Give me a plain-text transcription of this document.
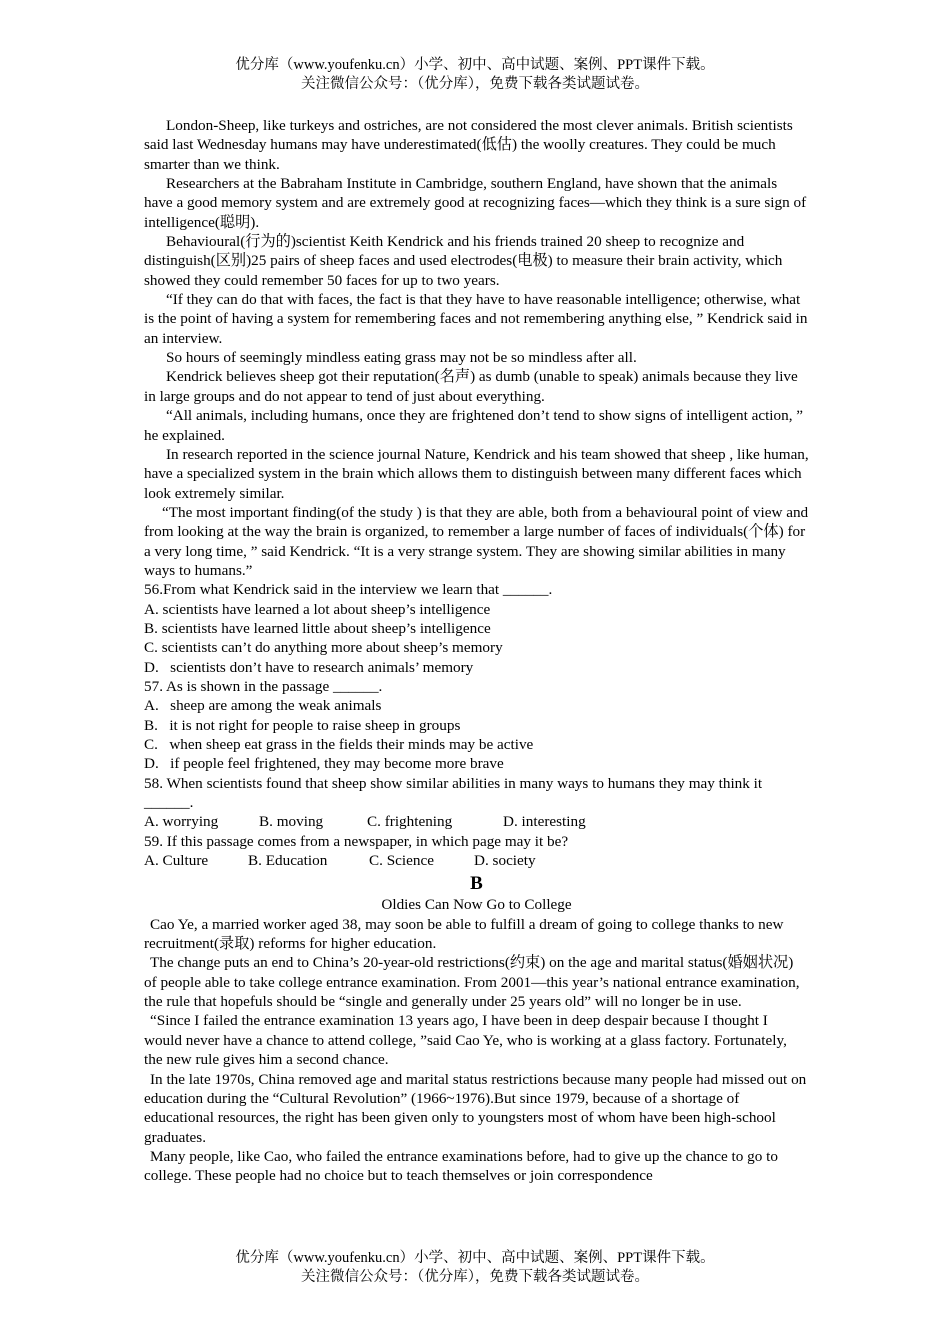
优分库（www.youfenku.cn）小学、初中、高中试题、案例、PPT课件下载。
关注微信公众号：（优分库），免费下载各类试题试卷。

London-Sheep, like turkeys and ostriches, are not considered the most clever animals. British scientists said last Wednesday humans may have underestimated(低估) the woolly creatures. They could be much smarter than we think.

Researchers at the Babraham Institute in Cambridge, southern England, have shown that the animals have a good memory system and are extremely good at recognizing faces—which they think is a sure sign of intelligence(聪明).

Behavioural(行为的)scientist Keith Kendrick and his friends trained 20 sheep to recognize and distinguish(区别)25 pairs of sheep faces and used electrodes(电极) to measure their brain activity, which showed they could remember 50 faces for up to two years.

“If they can do that with faces, the fact is that they have to have reasonable intelligence; otherwise, what is the point of having a system for remembering faces and not remembering anything else, ” Kendrick said in an interview.

So hours of seemingly mindless eating grass may not be so mindless after all.

Kendrick believes sheep got their reputation(名声) as dumb (unable to speak) animals because they live in large groups and do not appear to tend of just about everything.

“All animals, including humans, once they are frightened don’t tend to show signs of intelligent action, ” he explained.

In research reported in the science journal Nature, Kendrick and his team showed that sheep , like human, have a specialized system in the brain which allows them to distinguish between many different faces which look extremely similar.

“The most important finding(of the study ) is that they are able, both from a behavioural point of view and from looking at the way the brain is organized, to remember a large number of faces of individuals(个体) for a very long time, ” said Kendrick. “It is a very strange system. They are showing similar abilities in many ways to humans.”

56.From what Kendrick said in the interview we learn that ______.

A. scientists have learned a lot about sheep’s intelligence

B. scientists have learned little about sheep’s intelligence

C. scientists can’t do anything more about sheep’s memory

D.   scientists don’t have to research animals’ memory

57. As is shown in the passage ______.

A.   sheep are among the weak animals

B.   it is not right for people to raise sheep in groups

C.   when sheep eat grass in the fields their minds may be active

D.   if people feel frightened, they may become more brave

58. When scientists found that sheep show similar abilities in many ways to humans they may think it ______.

A. worrying	B. moving	C. frightening	D. interesting

59. If this passage comes from a newspaper, in which page may it be?

A. Culture	B. Education	C. Science	D. society

B

Oldies Can Now Go to College

Cao Ye, a married worker aged 38, may soon be able to fulfill a dream of going to college thanks to new recruitment(录取) reforms for higher education.

The change puts an end to China’s 20-year-old restrictions(约束) on the age and marital status(婚姻状况) of people able to take college entrance examination. From 2001—this year’s national entrance examination, the rule that hopefuls should be “single and generally under 25 years old” will no longer be in use.

“Since I failed the entrance examination 13 years ago, I have been in deep despair because I thought I would never have a chance to attend college, ”said Cao Ye, who is working at a glass factory. Fortunately, the new rule gives him a second chance.

In the late 1970s, China removed age and marital status restrictions because many people had missed out on education during the “Cultural Revolution” (1966~1976).But since 1979, because of a shortage of educational resources, the right has been given only to youngsters most of whom have been high-school graduates.

Many people, like Cao, who failed the entrance examinations before, had to give up the chance to go to college. These people had no choice but to teach themselves or join correspondence

优分库（www.youfenku.cn）小学、初中、高中试题、案例、PPT课件下载。
关注微信公众号：（优分库），免费下载各类试题试卷。
